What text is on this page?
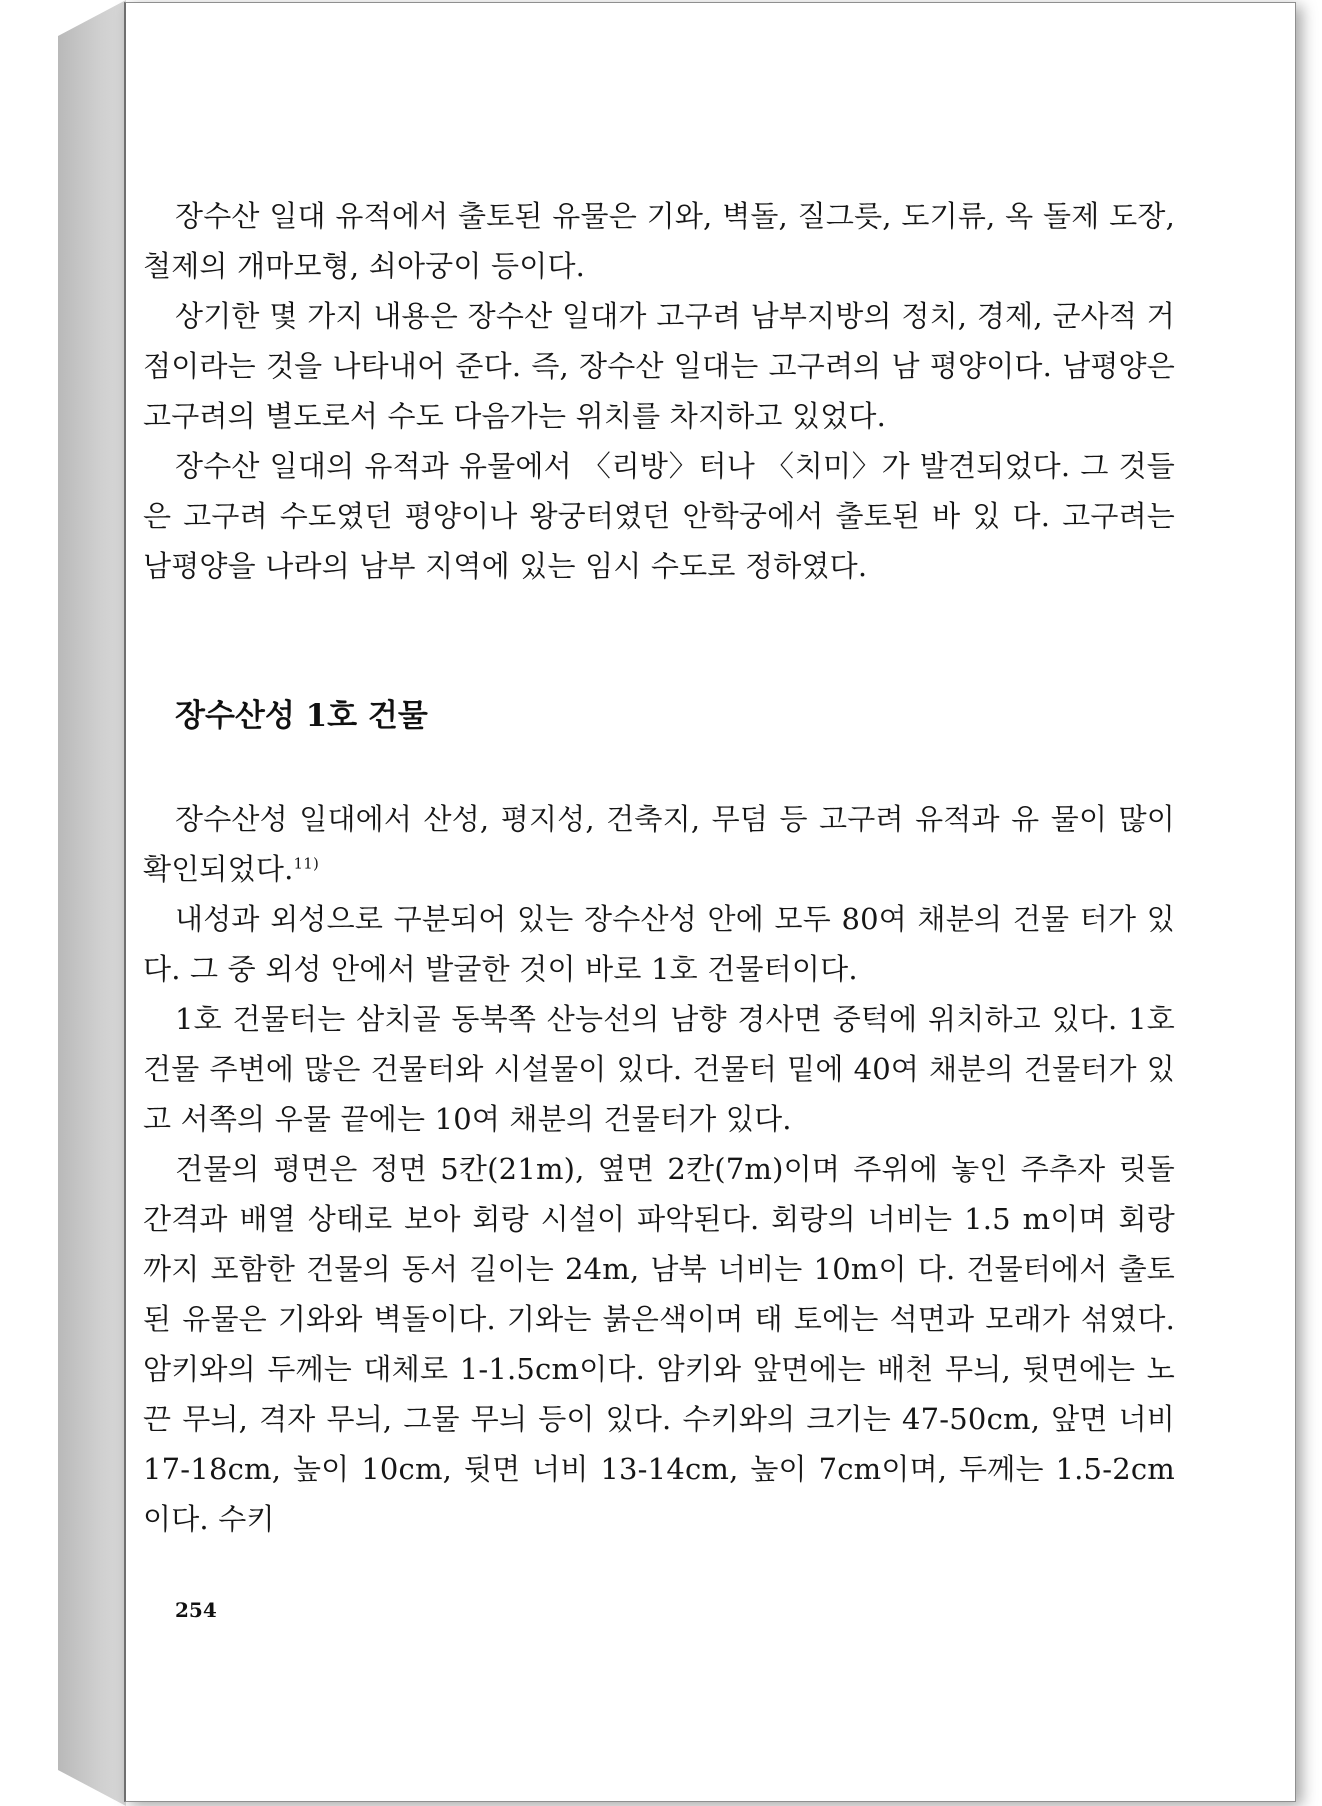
장수산 일대 유적에서 출토된 유물은 기와, 벽돌, 질그릇, 도기류, 옥 돌제 도장, 철제의 개마모형, 쇠아궁이 등이다.

상기한 몇 가지 내용은 장수산 일대가 고구려 남부지방의 정치, 경제, 군사적 거점이라는 것을 나타내어 준다. 즉, 장수산 일대는 고구려의 남 평양이다. 남평양은 고구려의 별도로서 수도 다음가는 위치를 차지하고 있었다.

장수산 일대의 유적과 유물에서 〈리방〉터나 〈치미〉가 발견되었다. 그 것들은 고구려 수도였던 평양이나 왕궁터였던 안학궁에서 출토된 바 있 다. 고구려는 남평양을 나라의 남부 지역에 있는 임시 수도로 정하였다.

장수산성 1호 건물

장수산성 일대에서 산성, 평지성, 건축지, 무덤 등 고구려 유적과 유 물이 많이 확인되었다.$^{11)}$

내성과 외성으로 구분되어 있는 장수산성 안에 모두 80여 채분의 건물 터가 있다. 그 중 외성 안에서 발굴한 것이 바로 1호 건물터이다.

1호 건물터는 삼치골 동북쪽 산능선의 남향 경사면 중턱에 위치하고 있다. 1호 건물 주변에 많은 건물터와 시설물이 있다. 건물터 밑에 40여 채분의 건물터가 있고 서쪽의 우물 끝에는 10여 채분의 건물터가 있다.

건물의 평면은 정면 5칸(21m), 옆면 2칸(7m)이며 주위에 놓인 주추자 릿돌 간격과 배열 상태로 보아 회랑 시설이 파악된다. 회랑의 너비는 1.5 m이며 회랑까지 포함한 건물의 동서 길이는 24m, 남북 너비는 10m이 다. 건물터에서 출토된 유물은 기와와 벽돌이다. 기와는 붉은색이며 태 토에는 석면과 모래가 섞였다. 암키와의 두께는 대체로 1-1.5cm이다. 암키와 앞면에는 배천 무늬, 뒷면에는 노끈 무늬, 격자 무늬, 그물 무늬 등이 있다. 수키와의 크기는 47-50cm, 앞면 너비 17-18cm, 높이 10cm, 뒷면 너비 13-14cm, 높이 7cm이며, 두께는 1.5-2cm이다. 수키

254
